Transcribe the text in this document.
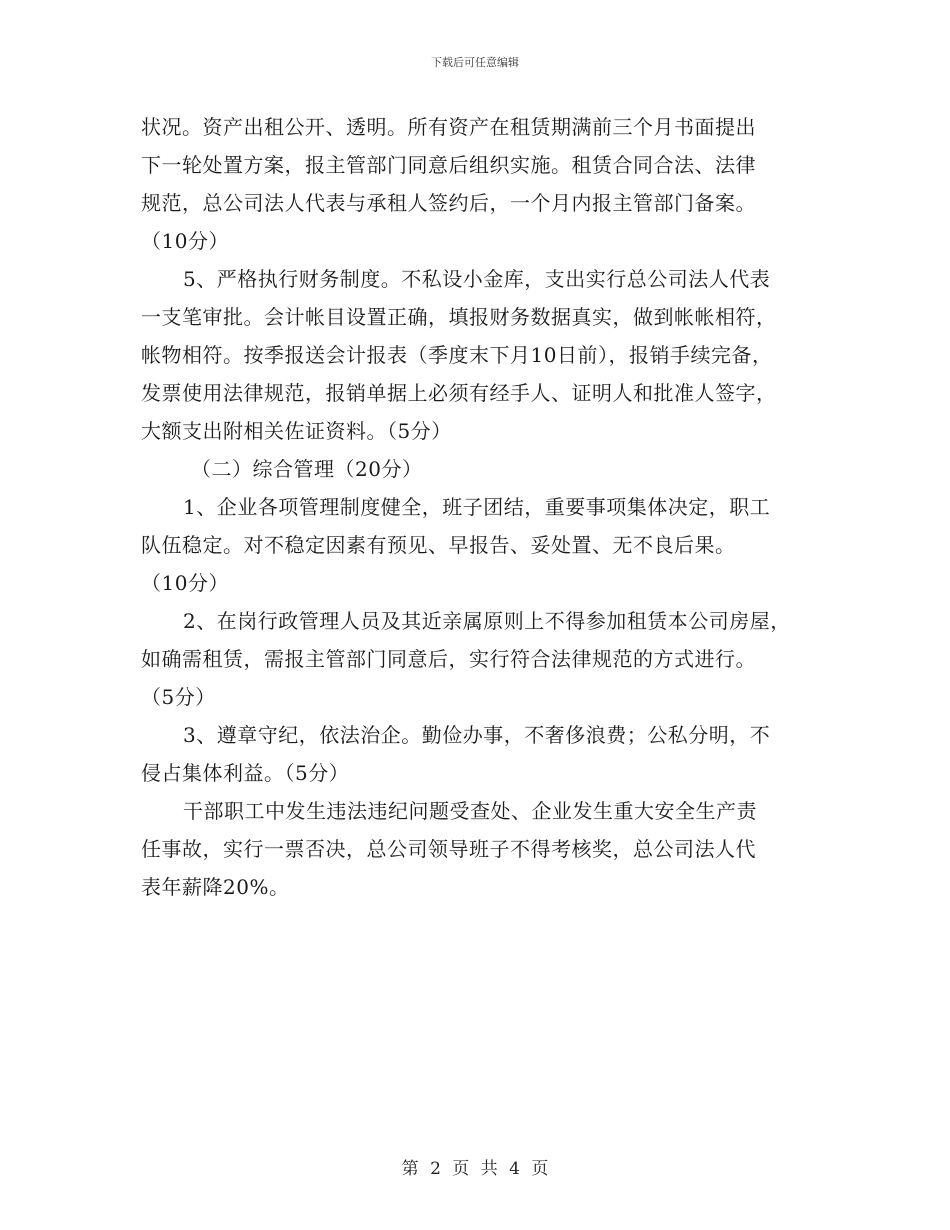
下载后可任意编辑
状况。资产出租公开、透明。所有资产在租赁期满前三个月书面提出
下一轮处置方案，报主管部门同意后组织实施。租赁合同合法、法律
规范，总公司法人代表与承租人签约后，一个月内报主管部门备案。
（10分）
5、严格执行财务制度。不私设小金库，支出实行总公司法人代表
一支笔审批。会计帐目设置正确，填报财务数据真实，做到帐帐相符，
帐物相符。按季报送会计报表（季度末下月10日前），报销手续完备，
发票使用法律规范，报销单据上必须有经手人、证明人和批准人签字，
大额支出附相关佐证资料。（5分）
（二）综合管理（20分）
1、企业各项管理制度健全，班子团结，重要事项集体决定，职工
队伍稳定。对不稳定因素有预见、早报告、妥处置、无不良后果。
（10分）
2、在岗行政管理人员及其近亲属原则上不得参加租赁本公司房屋，
如确需租赁，需报主管部门同意后，实行符合法律规范的方式进行。
（5分）
3、遵章守纪，依法治企。勤俭办事，不奢侈浪费；公私分明，不
侵占集体利益。（5分）
干部职工中发生违法违纪问题受查处、企业发生重大安全生产责
任事故，实行一票否决，总公司领导班子不得考核奖，总公司法人代
表年薪降20%。
第 2 页 共 4 页
